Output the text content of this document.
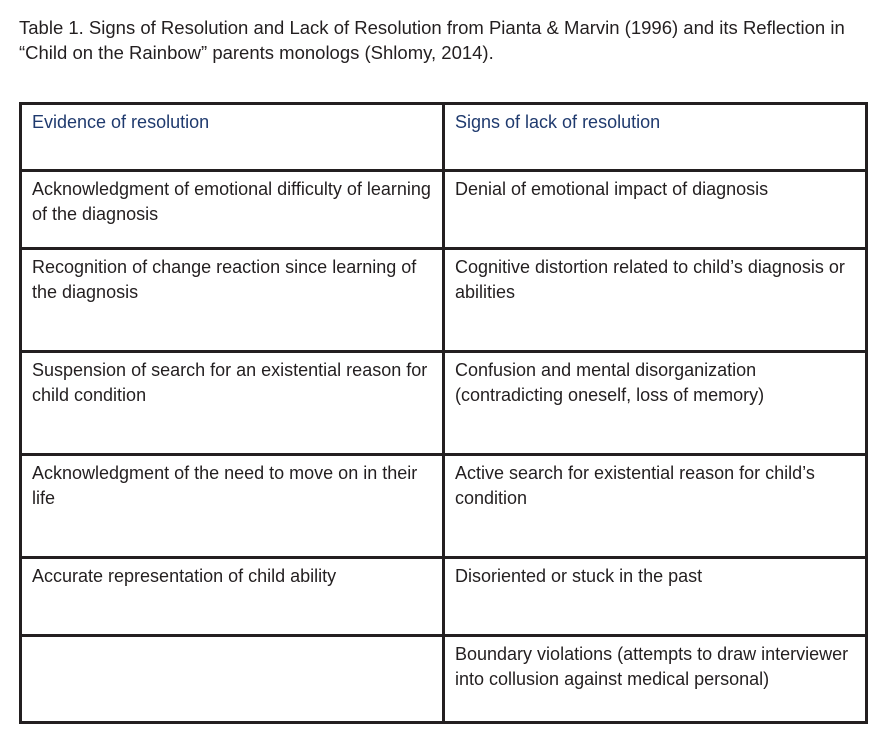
Table 1. Signs of Resolution and Lack of Resolution from Pianta & Marvin (1996) and its Reflection in
“Child on the Rainbow” parents monologs (Shlomy, 2014).
Evidence of resolution	Signs of lack of resolution
Acknowledgment of emotional difficulty of learning of the diagnosis	Denial of emotional impact of diagnosis
Recognition of change reaction since learning of the diagnosis	Cognitive distortion related to child’s diagnosis or abilities
Suspension of search for an existential reason for child condition	Confusion and mental disorganization (contradicting oneself, loss of memory)
Acknowledgment of the need to move on in their life	Active search for existential reason for child’s condition
Accurate representation of child ability	Disoriented or stuck in the past
	Boundary violations (attempts to draw interviewer into collusion against medical personal)
